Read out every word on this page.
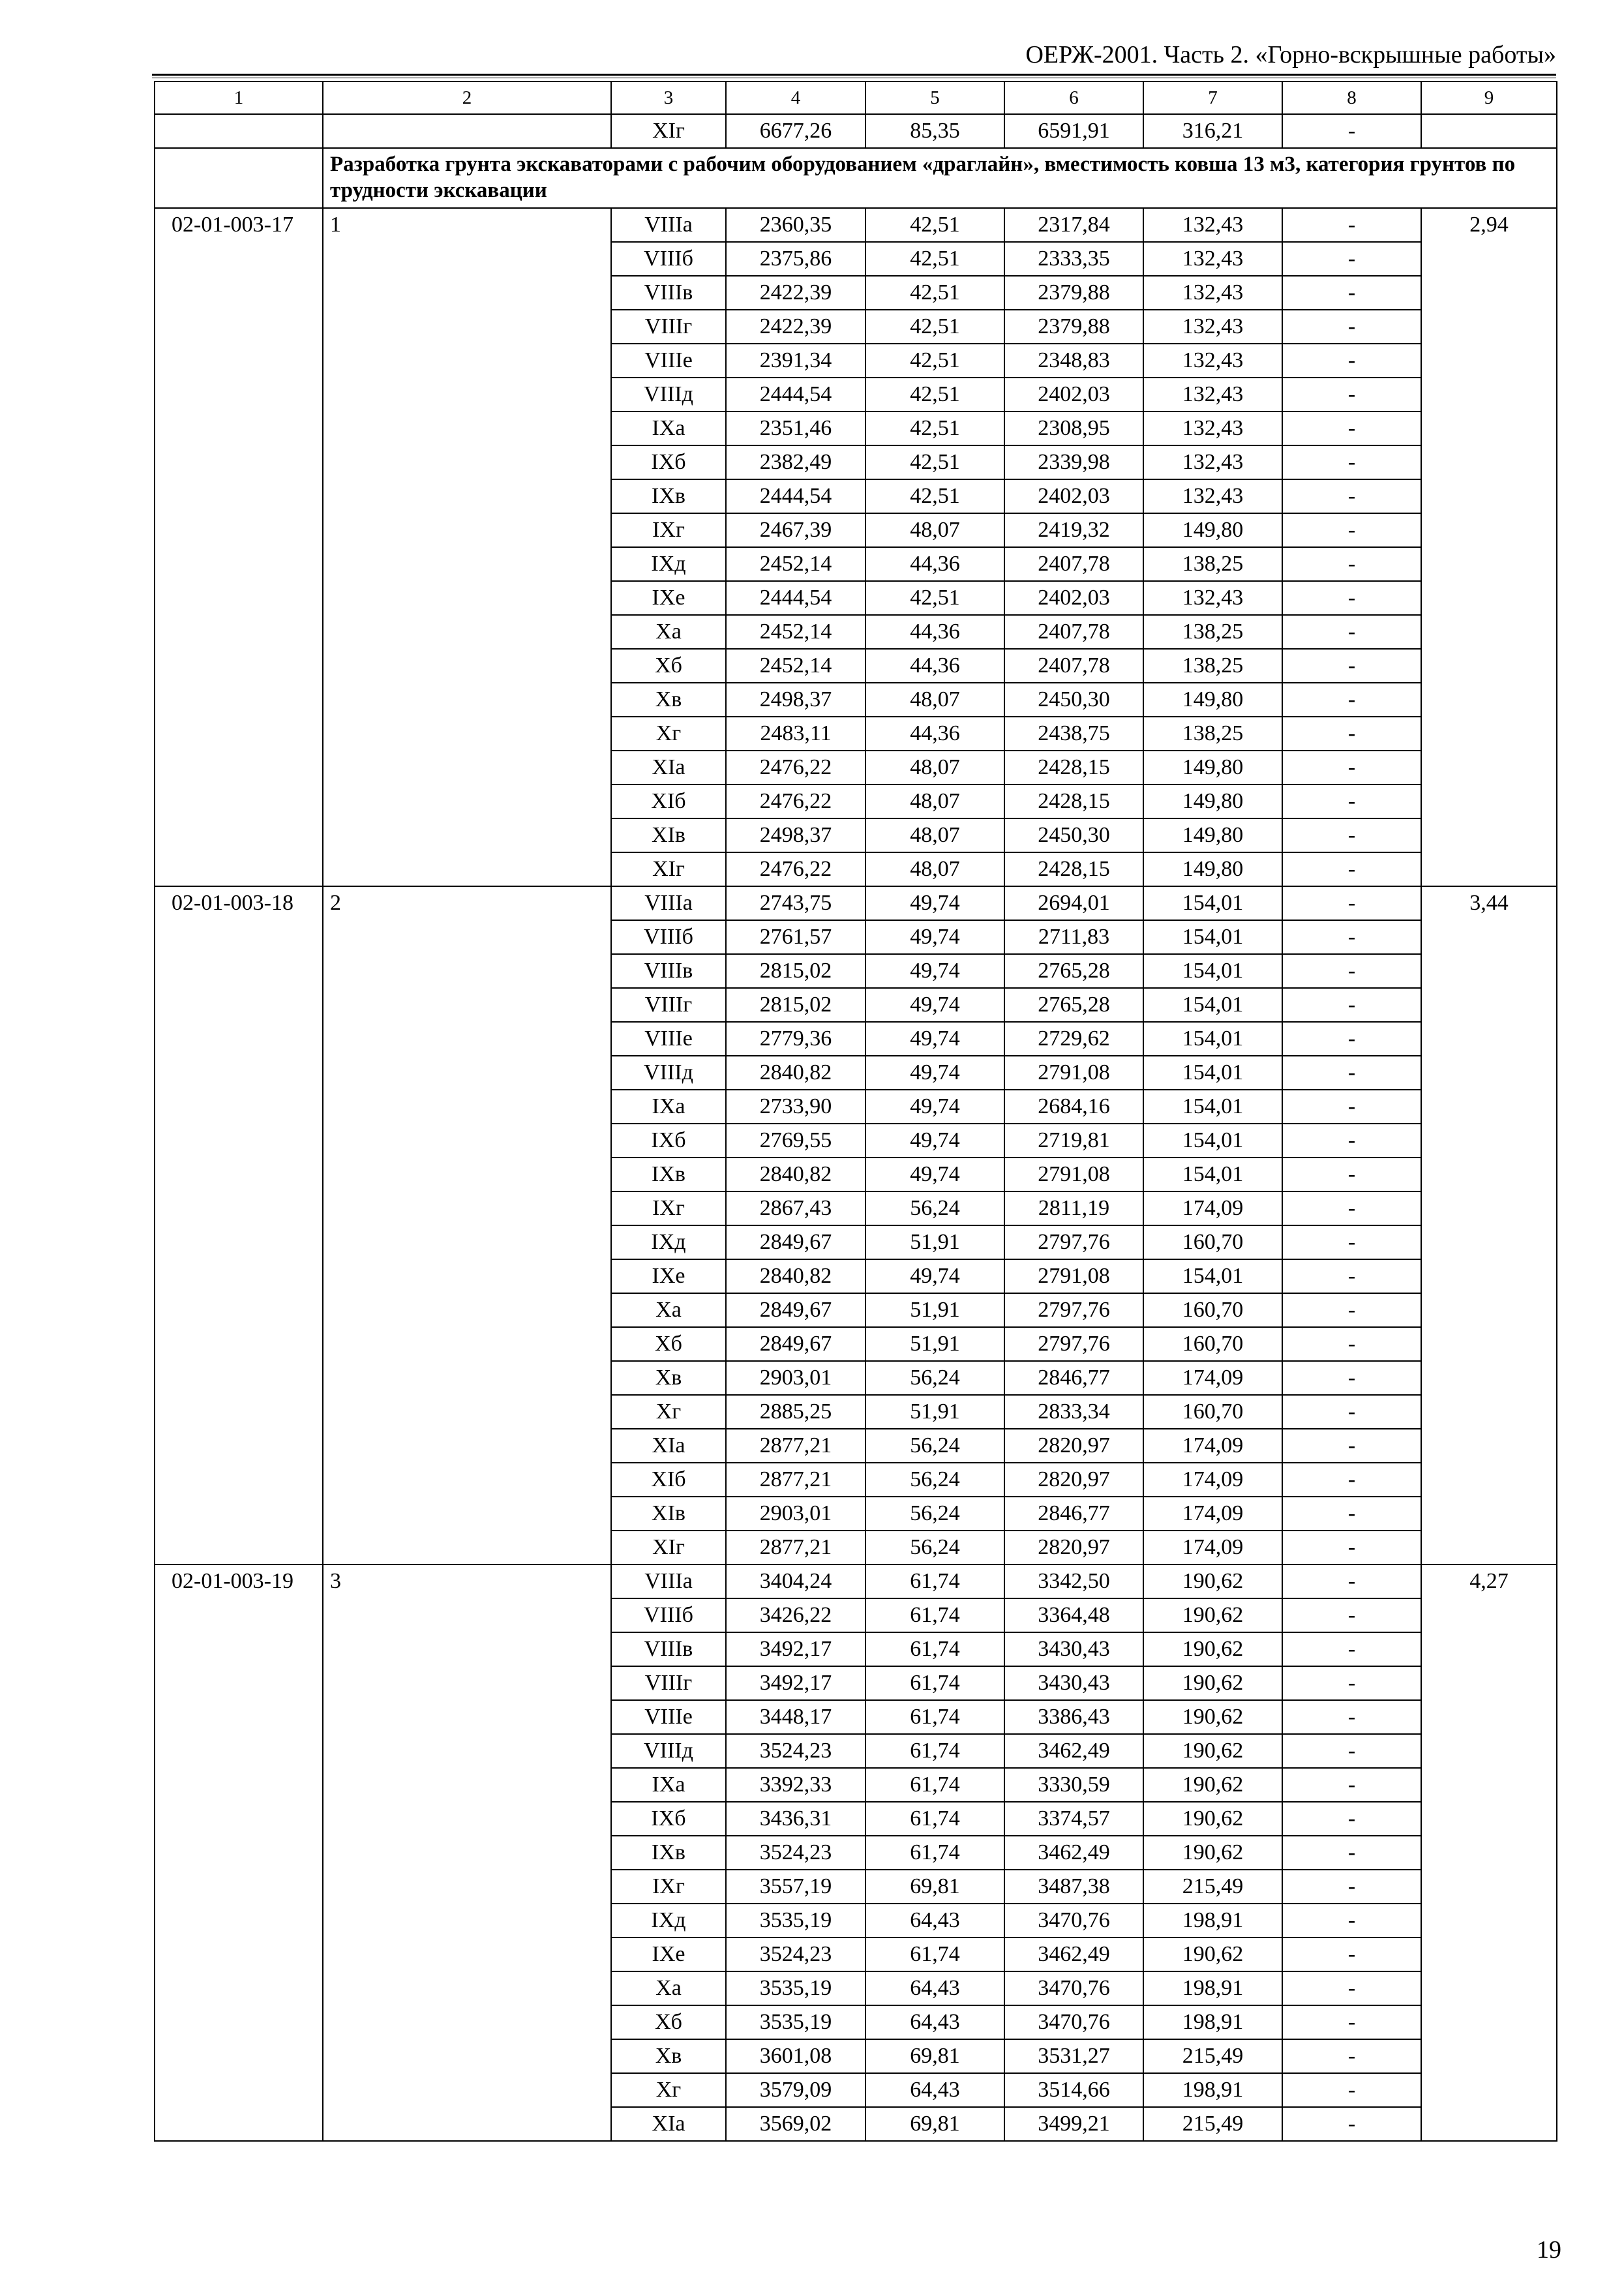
ОЕРЖ-2001. Часть 2. «Горно-вскрышные работы»
1	2	3	4	5	6	7	8	9
		XIг	6677,26	85,35	6591,91	316,21	-	
	Разработка грунта экскаваторами с рабочим оборудованием «драглайн», вместимость ковша 13 м3, категория грунтов по трудности экскавации							
02-01-003-17	1	VIIIа	2360,35	42,51	2317,84	132,43	-	2,94
		VIIIб	2375,86	42,51	2333,35	132,43	-	
		VIIIв	2422,39	42,51	2379,88	132,43	-	
		VIIIг	2422,39	42,51	2379,88	132,43	-	
		VIIIе	2391,34	42,51	2348,83	132,43	-	
		VIIIд	2444,54	42,51	2402,03	132,43	-	
		IXа	2351,46	42,51	2308,95	132,43	-	
		IXб	2382,49	42,51	2339,98	132,43	-	
		IXв	2444,54	42,51	2402,03	132,43	-	
		IXг	2467,39	48,07	2419,32	149,80	-	
		IXд	2452,14	44,36	2407,78	138,25	-	
		IXе	2444,54	42,51	2402,03	132,43	-	
		Xа	2452,14	44,36	2407,78	138,25	-	
		Xб	2452,14	44,36	2407,78	138,25	-	
		Xв	2498,37	48,07	2450,30	149,80	-	
		Xг	2483,11	44,36	2438,75	138,25	-	
		XIа	2476,22	48,07	2428,15	149,80	-	
		XIб	2476,22	48,07	2428,15	149,80	-	
		XIв	2498,37	48,07	2450,30	149,80	-	
		XIг	2476,22	48,07	2428,15	149,80	-	
02-01-003-18	2	VIIIа	2743,75	49,74	2694,01	154,01	-	3,44
		VIIIб	2761,57	49,74	2711,83	154,01	-	
		VIIIв	2815,02	49,74	2765,28	154,01	-	
		VIIIг	2815,02	49,74	2765,28	154,01	-	
		VIIIе	2779,36	49,74	2729,62	154,01	-	
		VIIIд	2840,82	49,74	2791,08	154,01	-	
		IXа	2733,90	49,74	2684,16	154,01	-	
		IXб	2769,55	49,74	2719,81	154,01	-	
		IXв	2840,82	49,74	2791,08	154,01	-	
		IXг	2867,43	56,24	2811,19	174,09	-	
		IXд	2849,67	51,91	2797,76	160,70	-	
		IXе	2840,82	49,74	2791,08	154,01	-	
		Xа	2849,67	51,91	2797,76	160,70	-	
		Xб	2849,67	51,91	2797,76	160,70	-	
		Xв	2903,01	56,24	2846,77	174,09	-	
		Xг	2885,25	51,91	2833,34	160,70	-	
		XIа	2877,21	56,24	2820,97	174,09	-	
		XIб	2877,21	56,24	2820,97	174,09	-	
		XIв	2903,01	56,24	2846,77	174,09	-	
		XIг	2877,21	56,24	2820,97	174,09	-	
02-01-003-19	3	VIIIа	3404,24	61,74	3342,50	190,62	-	4,27
		VIIIб	3426,22	61,74	3364,48	190,62	-	
		VIIIв	3492,17	61,74	3430,43	190,62	-	
		VIIIг	3492,17	61,74	3430,43	190,62	-	
		VIIIе	3448,17	61,74	3386,43	190,62	-	
		VIIIд	3524,23	61,74	3462,49	190,62	-	
		IXа	3392,33	61,74	3330,59	190,62	-	
		IXб	3436,31	61,74	3374,57	190,62	-	
		IXв	3524,23	61,74	3462,49	190,62	-	
		IXг	3557,19	69,81	3487,38	215,49	-	
		IXд	3535,19	64,43	3470,76	198,91	-	
		IXе	3524,23	61,74	3462,49	190,62	-	
		Xа	3535,19	64,43	3470,76	198,91	-	
		Xб	3535,19	64,43	3470,76	198,91	-	
		Xв	3601,08	69,81	3531,27	215,49	-	
		Xг	3579,09	64,43	3514,66	198,91	-	
		XIа	3569,02	69,81	3499,21	215,49	-	
19
